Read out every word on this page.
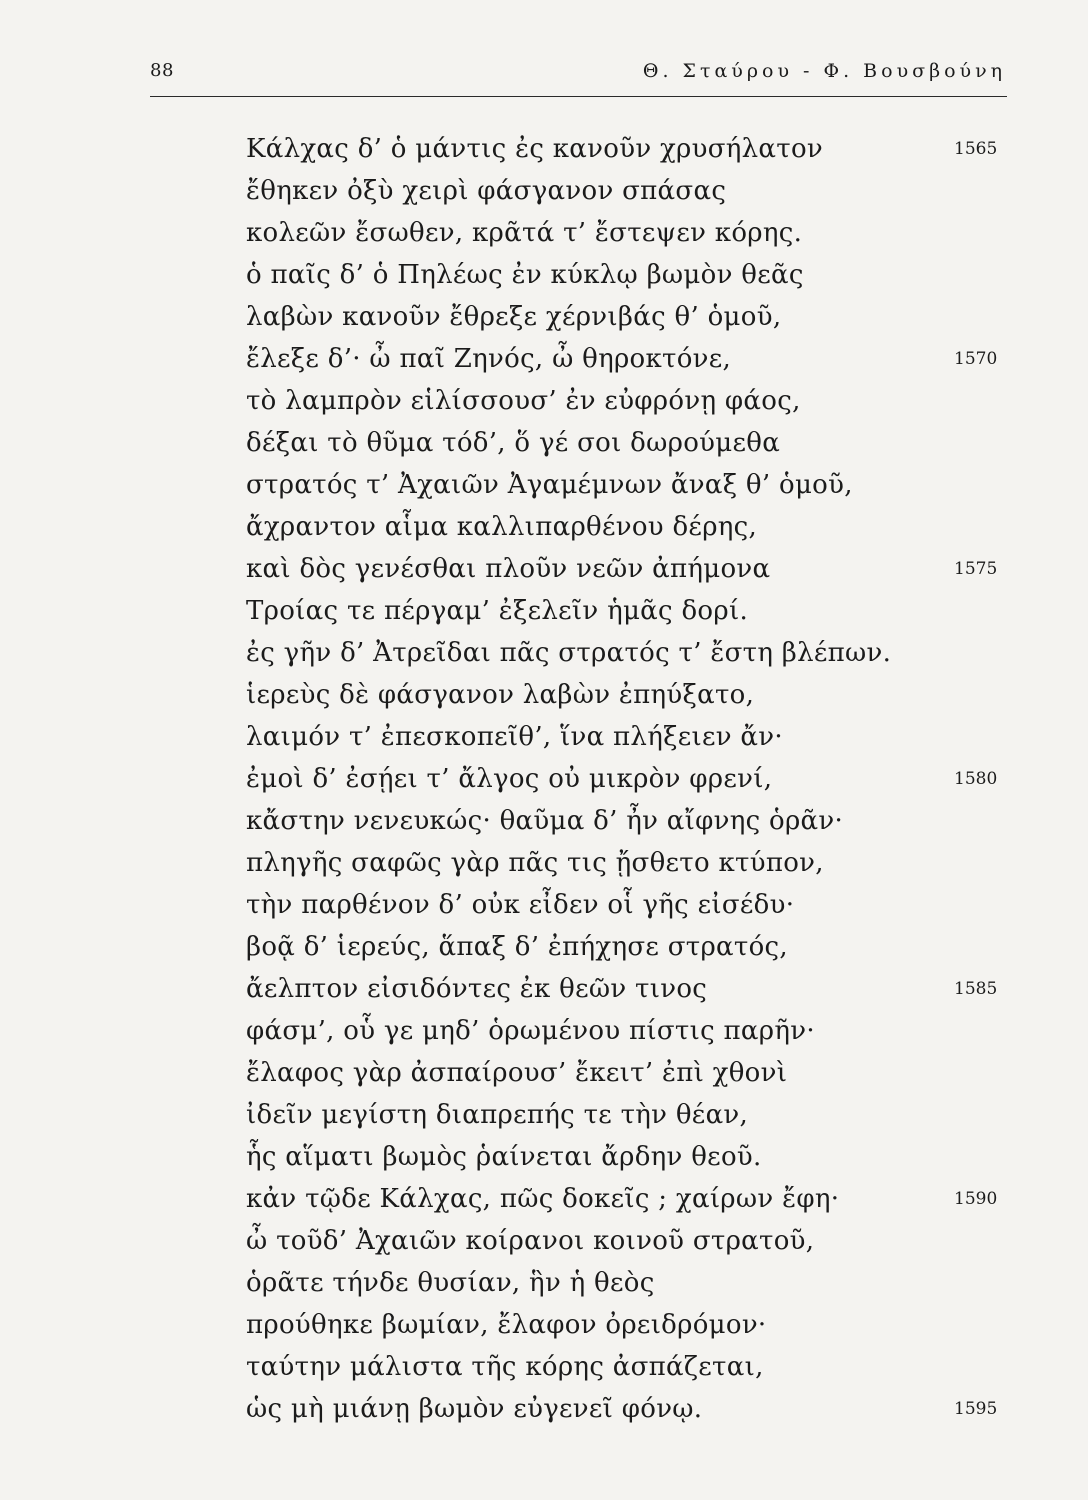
88	Θ. Σταύρου - Φ. Βουσβούνη
Κάλχας δ’ ὁ μάντις ἐς κανοῦν χρυσήλατον	1565
ἔθηκεν ὀξὺ χειρὶ φάσγανον σπάσας
κολεῶν ἔσωθεν, κρᾶτά τ’ ἔστεψεν κόρης.
ὁ παῖς δ’ ὁ Πηλέως ἐν κύκλῳ βωμὸν θεᾶς
λαβὼν κανοῦν ἔθρεξε χέρνιβάς θ’ ὁμοῦ,
ἔλεξε δ’· ὦ παῖ Ζηνός, ὦ θηροκτόνε,	1570
τὸ λαμπρὸν εἱλίσσουσ’ ἐν εὐφρόνῃ φάος,
δέξαι τὸ θῦμα τόδ’, ὅ γέ σοι δωρούμεθα
στρατός τ’ Ἀχαιῶν Ἀγαμέμνων ἄναξ θ’ ὁμοῦ,
ἄχραντον αἷμα καλλιπαρθένου δέρης,
καὶ δὸς γενέσθαι πλοῦν νεῶν ἀπήμονα	1575
Τροίας τε πέργαμ’ ἐξελεῖν ἡμᾶς δορί.
ἐς γῆν δ’ Ἀτρεῖδαι πᾶς στρατός τ’ ἔστη βλέπων.
ἱερεὺς δὲ φάσγανον λαβὼν ἐπηύξατο,
λαιμόν τ’ ἐπεσκοπεῖθ’, ἵνα πλήξειεν ἄν·
ἐμοὶ δ’ ἐσῄει τ’ ἄλγος οὐ μικρὸν φρενί,	1580
κἄστην νενευκώς· θαῦμα δ’ ἦν αἴφνης ὁρᾶν·
πληγῆς σαφῶς γὰρ πᾶς τις ᾔσθετο κτύπον,
τὴν παρθένον δ’ οὐκ εἶδεν οἷ γῆς εἰσέδυ·
βοᾷ δ’ ἱερεύς, ἅπαξ δ’ ἐπήχησε στρατός,
ἄελπτον εἰσιδόντες ἐκ θεῶν τινος	1585
φάσμ’, οὗ γε μηδ’ ὁρωμένου πίστις παρῆν·
ἔλαφος γὰρ ἀσπαίρουσ’ ἔκειτ’ ἐπὶ χθονὶ
ἰδεῖν μεγίστη διαπρεπής τε τὴν θέαν,
ἧς αἵματι βωμὸς ῥαίνεται ἄρδην θεοῦ.
κἀν τῷδε Κάλχας, πῶς δοκεῖς ; χαίρων ἔφη·	1590
ὦ τοῦδ’ Ἀχαιῶν κοίρανοι κοινοῦ στρατοῦ,
ὁρᾶτε τήνδε θυσίαν, ἣν ἡ θεὸς
προύθηκε βωμίαν, ἔλαφον ὀρειδρόμον·
ταύτην μάλιστα τῆς κόρης ἀσπάζεται,
ὡς μὴ μιάνῃ βωμὸν εὐγενεῖ φόνῳ.	1595
